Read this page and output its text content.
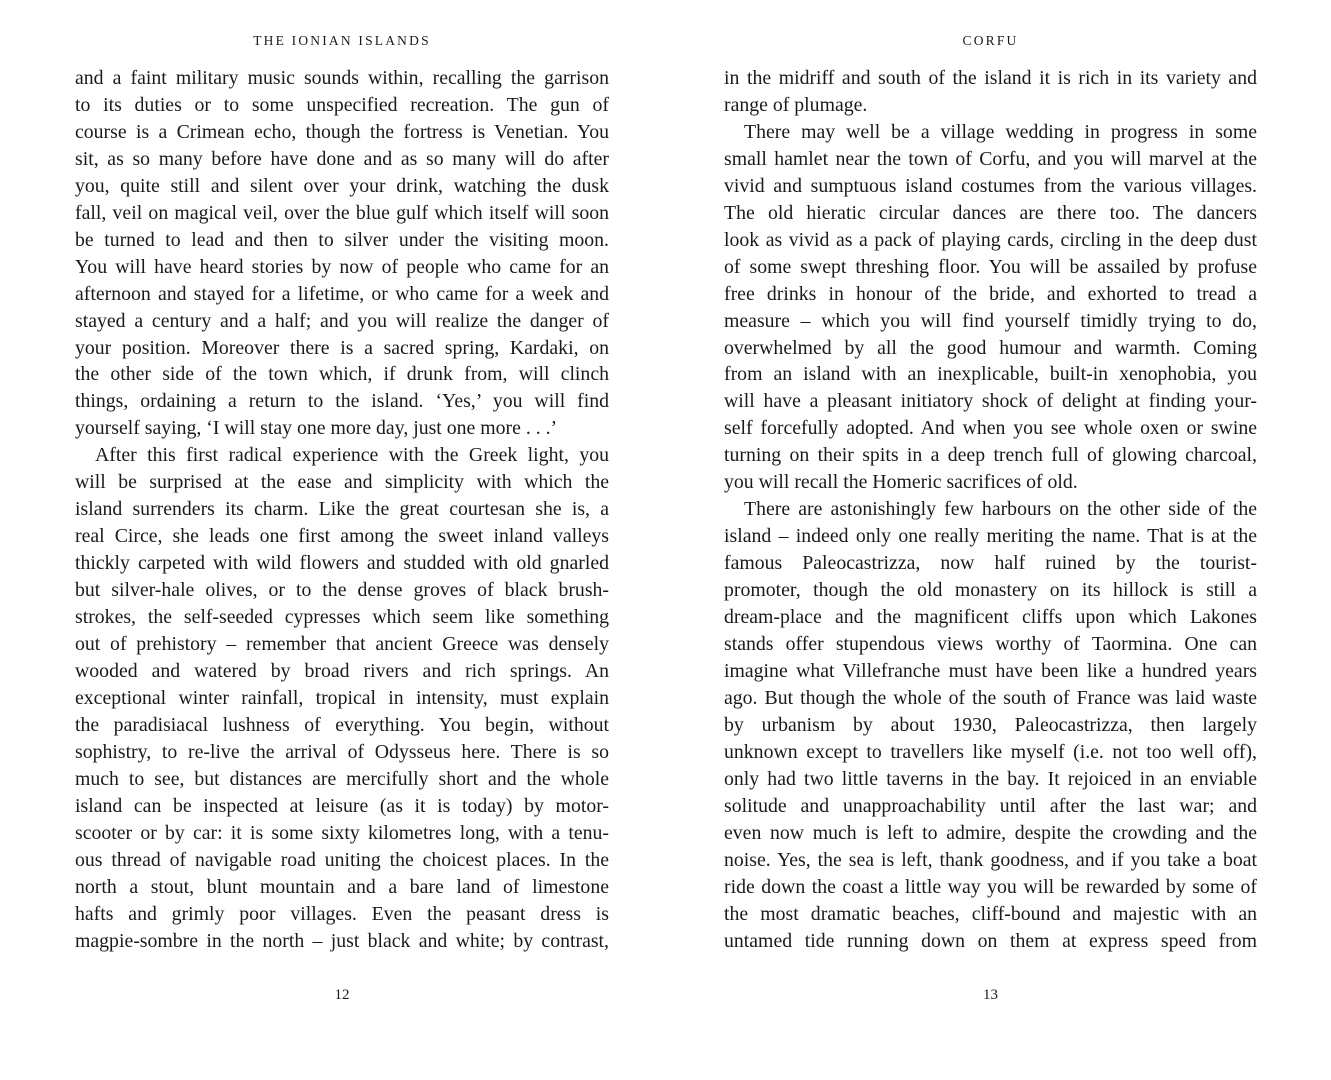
THE IONIAN ISLANDS

and a faint military music sounds within, recalling the garrison

to its duties or to some unspecified recreation. The gun of

course is a Crimean echo, though the fortress is Venetian. You

sit, as so many before have done and as so many will do after

you, quite still and silent over your drink, watching the dusk

fall, veil on magical veil, over the blue gulf which itself will soon

be turned to lead and then to silver under the visiting moon.

You will have heard stories by now of people who came for an

afternoon and stayed for a lifetime, or who came for a week and

stayed a century and a half; and you will realize the danger of

your position. Moreover there is a sacred spring, Kardaki, on

the other side of the town which, if drunk from, will clinch

things, ordaining a return to the island. ‘Yes,’ you will find

yourself saying, ‘I will stay one more day, just one more . . .’

After this first radical experience with the Greek light, you

will be surprised at the ease and simplicity with which the

island surrenders its charm. Like the great courtesan she is, a

real Circe, she leads one first among the sweet inland valleys

thickly carpeted with wild flowers and studded with old gnarled

but silver-hale olives, or to the dense groves of black brush-

strokes, the self-seeded cypresses which seem like something

out of prehistory – remember that ancient Greece was densely

wooded and watered by broad rivers and rich springs. An

exceptional winter rainfall, tropical in intensity, must explain

the paradisiacal lushness of everything. You begin, without

sophistry, to re-live the arrival of Odysseus here. There is so

much to see, but distances are mercifully short and the whole

island can be inspected at leisure (as it is today) by motor-

scooter or by car: it is some sixty kilometres long, with a tenu-

ous thread of navigable road uniting the choicest places. In the

north a stout, blunt mountain and a bare land of limestone

hafts and grimly poor villages. Even the peasant dress is

magpie-sombre in the north – just black and white; by contrast,

12
CORFU

in the midriff and south of the island it is rich in its variety and

range of plumage.

There may well be a village wedding in progress in some

small hamlet near the town of Corfu, and you will marvel at the

vivid and sumptuous island costumes from the various villages.

The old hieratic circular dances are there too. The dancers

look as vivid as a pack of playing cards, circling in the deep dust

of some swept threshing floor. You will be assailed by profuse

free drinks in honour of the bride, and exhorted to tread a

measure – which you will find yourself timidly trying to do,

overwhelmed by all the good humour and warmth. Coming

from an island with an inexplicable, built-in xenophobia, you

will have a pleasant initiatory shock of delight at finding your-

self forcefully adopted. And when you see whole oxen or swine

turning on their spits in a deep trench full of glowing charcoal,

you will recall the Homeric sacrifices of old.

There are astonishingly few harbours on the other side of the

island – indeed only one really meriting the name. That is at the

famous Paleocastrizza, now half ruined by the tourist-

promoter, though the old monastery on its hillock is still a

dream-place and the magnificent cliffs upon which Lakones

stands offer stupendous views worthy of Taormina. One can

imagine what Villefranche must have been like a hundred years

ago. But though the whole of the south of France was laid waste

by urbanism by about 1930, Paleocastrizza, then largely

unknown except to travellers like myself (i.e. not too well off),

only had two little taverns in the bay. It rejoiced in an enviable

solitude and unapproachability until after the last war; and

even now much is left to admire, despite the crowding and the

noise. Yes, the sea is left, thank goodness, and if you take a boat

ride down the coast a little way you will be rewarded by some of

the most dramatic beaches, cliff-bound and majestic with an

untamed tide running down on them at express speed from

13
